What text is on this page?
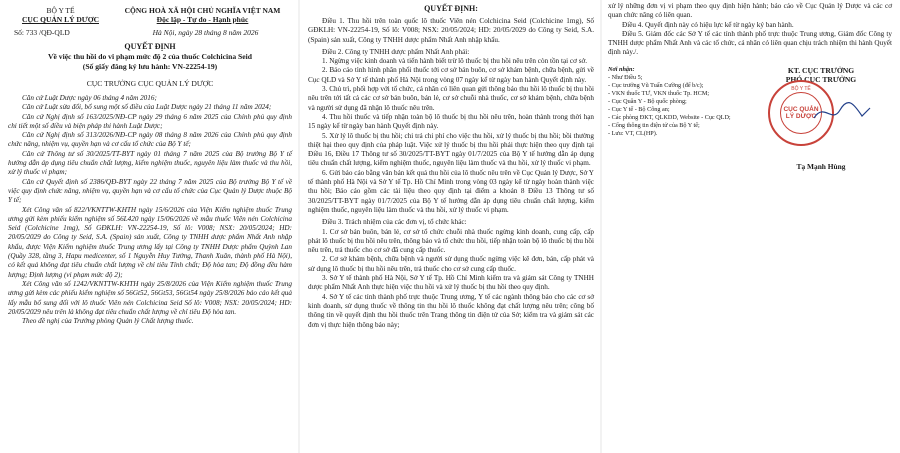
BỘ Y TẾ
CỤC QUẢN LÝ DƯỢC
CỘNG HOÀ XÃ HỘI CHỦ NGHĨA VIỆT NAM
Độc lập - Tự do - Hạnh phúc
Số: 733 /QĐ-QLD	Hà Nội, ngày 28 tháng 8 năm 2026
QUYẾT ĐỊNH
Về việc thu hồi do vi phạm mức độ 2 của thuốc Colchicina Seid
(Số giấy đăng ký lưu hành: VN-22254-19)
CỤC TRƯỞNG CỤC QUẢN LÝ DƯỢC

Căn cứ Luật Dược ngày 06 tháng 4 năm 2016;

Căn cứ Luật sửa đổi, bổ sung một số điều của Luật Dược ngày 21 tháng 11 năm 2024;

Căn cứ Nghị định số 163/2025/NĐ-CP ngày 29 tháng 6 năm 2025 của Chính phủ quy định chi tiết một số điều và biện pháp thi hành Luật Dược;

Căn cứ Nghị định số 313/2026/NĐ-CP ngày 08 tháng 8 năm 2026 của Chính phủ quy định chức năng, nhiệm vụ, quyền hạn và cơ cấu tổ chức của Bộ Y tế;

Căn cứ Thông tư số 30/2025/TT-BYT ngày 01 tháng 7 năm 2025 của Bộ trưởng Bộ Y tế hướng dẫn áp dụng tiêu chuẩn chất lượng, kiểm nghiệm thuốc, nguyên liệu làm thuốc và thu hồi, xử lý thuốc vi phạm;

Căn cứ Quyết định số 2386/QĐ-BYT ngày 22 tháng 7 năm 2025 của Bộ trưởng Bộ Y tế về việc quy định chức năng, nhiệm vụ, quyền hạn và cơ cấu tổ chức của Cục Quản lý Dược thuộc Bộ Y tế;

Xét Công văn số 822/VKNTTW-KHTH ngày 15/6/2026 của Viện Kiểm nghiệm thuốc Trung ương gửi kèm phiếu kiểm nghiệm số 56L420 ngày 15/06/2026 về mẫu thuốc Viên nén Colchicina Seid (Colchicine 1mg), Số GĐKLH: VN-22254-19, Số lô: V008; NSX: 20/05/2024; HD: 20/05/2029 do Công ty Seid, S.A. (Spain) sản xuất, Công ty TNHH dược phẩm Nhất Anh nhập khẩu, được Viện Kiểm nghiệm thuốc Trung ương lấy tại Công ty TNHH Dược phẩm Quỳnh Lan (Quầy 328, tầng 3, Hapu medicenter, số 1 Nguyễn Huy Tưởng, Thanh Xuân, thành phố Hà Nội), có kết quả không đạt tiêu chuẩn chất lượng về chỉ tiêu Tính chất; Độ hòa tan; Độ đồng đều hàm lượng; Định lượng (vi phạm mức độ 2);

Xét Công văn số 1242/VKNTTW-KHTH ngày 25/8/2026 của Viện Kiểm nghiệm thuốc Trung ương gửi kèm các phiếu kiểm nghiệm số 56Gt52, 56Gt53, 56Gt54 ngày 25/8/2026 báo cáo kết quả lấy mẫu bổ sung đối với lô thuốc Viên nén Colchicina Seid Số lô: V008; NSX: 20/05/2024; HD: 20/05/2029 nêu trên là không đạt tiêu chuẩn chất lượng về chỉ tiêu Độ hòa tan.

Theo đề nghị của Trưởng phòng Quản lý Chất lượng thuốc.

QUYẾT ĐỊNH:

Điều 1. Thu hồi trên toàn quốc lô thuốc Viên nén Colchicina Seid (Colchicine 1mg), Số GĐKLH: VN-22254-19, Số lô: V008; NSX: 20/05/2024; HD: 20/05/2029 do Công ty Seid, S.A. (Spain) sản xuất, Công ty TNHH dược phẩm Nhất Anh nhập khẩu.

Điều 2. Công ty TNHH dược phẩm Nhất Anh phải:

1. Ngừng việc kinh doanh và tiến hành biết trừ lô thuốc bị thu hồi nêu trên còn tồn tại cơ sở.

2. Báo cáo tình hình phân phối thuốc tới cơ sở bán buôn, cơ sở khám bệnh, chữa bệnh, gửi về Cục QLD và Sở Y tế thành phố Hà Nội trong vòng 07 ngày kể từ ngày ban hành Quyết định này.

3. Chủ trì, phối hợp với tổ chức, cá nhân có liên quan gửi thông báo thu hồi lô thuốc bị thu hồi nêu trên tới tất cả các cơ sở bán buôn, bán lẻ, cơ sở chuỗi nhà thuốc, cơ sở khám bệnh, chữa bệnh và người sử dụng đã nhận lô thuốc nêu trên.

4. Thu hồi thuốc và tiếp nhận toàn bộ lô thuốc bị thu hồi nêu trên, hoàn thành trong thời hạn 15 ngày kể từ ngày ban hành Quyết định này.

5. Xử lý lô thuốc bị thu hồi; chi trả chi phí cho việc thu hồi, xử lý thuốc bị thu hồi; bồi thường thiệt hại theo quy định của pháp luật. Việc xử lý thuốc bị thu hồi phải thực hiện theo quy định tại Điều 16, Điều 17 Thông tư số 30/2025/TT-BYT ngày 01/7/2025 của Bộ Y tế hướng dẫn áp dụng tiêu chuẩn chất lượng, kiểm nghiệm thuốc, nguyên liệu làm thuốc và thu hồi, xử lý thuốc vi phạm.

6. Gửi báo cáo bằng văn bản kết quả thu hồi của lô thuốc nêu trên về Cục Quản lý Dược, Sở Y tế thành phố Hà Nội và Sở Y tế Tp. Hồ Chí Minh trong vòng 03 ngày kể từ ngày hoàn thành việc thu hồi; Báo cáo gồm các tài liệu theo quy định tại điểm a khoản 8 Điều 13 Thông tư số 30/2025/TT-BYT ngày 01/7/2025 của Bộ Y tế hướng dẫn áp dụng tiêu chuẩn chất lượng, kiểm nghiệm thuốc, nguyên liệu làm thuốc và thu hồi, xử lý thuốc vi phạm.

Điều 3. Trách nhiệm của các đơn vị, tổ chức khác:

1. Cơ sở bán buôn, bán lẻ, cơ sở tổ chức chuỗi nhà thuốc ngừng kinh doanh, cung cấp, cấp phát lô thuốc bị thu hồi nêu trên, thông báo và tổ chức thu hồi, tiếp nhận toàn bộ lô thuốc bị thu hồi nêu trên, trả thuốc cho cơ sở đã cung cấp thuốc.

2. Cơ sở khám bệnh, chữa bệnh và người sử dụng thuốc ngừng việc kê đơn, bán, cấp phát và sử dụng lô thuốc bị thu hồi nêu trên, trả thuốc cho cơ sở cung cấp thuốc.

3. Sở Y tế thành phố Hà Nội, Sở Y tế Tp. Hồ Chí Minh kiểm tra và giám sát Công ty TNHH dược phẩm Nhất Anh thực hiện việc thu hồi và xử lý thuốc bị thu hồi theo quy định.

4. Sở Y tế các tỉnh thành phố trực thuộc Trung ương, Y tế các ngành thông báo cho các cơ sở kinh doanh, sử dụng thuốc về thông tin thu hồi lô thuốc không đạt chất lượng nêu trên; công bố thông tin về quyết định thu hồi thuốc trên Trang thông tin điện tử của Sở; kiểm tra và giám sát các đơn vị thực hiện thông báo này;

xử lý những đơn vị vi phạm theo quy định hiện hành; báo cáo về Cục Quản lý Dược và các cơ quan chức năng có liên quan.

Điều 4. Quyết định này có hiệu lực kể từ ngày ký ban hành.

Điều 5. Giám đốc các Sở Y tế các tỉnh thành phố trực thuộc Trung ương, Giám đốc Công ty TNHH dược phẩm Nhất Anh và các tổ chức, cá nhân có liên quan chịu trách nhiệm thi hành Quyết định này./.

Nơi nhận:

- Như Điều 5;

- Cục trưởng Vũ Tuấn Cường (để b/c);

- VKN thuốc TƯ, VKN thuốc Tp. HCM;

- Cục Quân Y - Bộ quốc phòng;

- Cục Y tế - Bộ Công an;

- Các phòng ĐKT, QLKDD, Website - Cục QLD;

- Cổng thông tin điện tử của Bộ Y tế;

- Lưu: VT, CL(HP).

KT. CỤC TRƯỞNG
PHÓ CỤC TRƯỞNG
BỘ Y TẾ
CỤC QUẢN LÝ DƯỢC
Tạ Mạnh Hùng
